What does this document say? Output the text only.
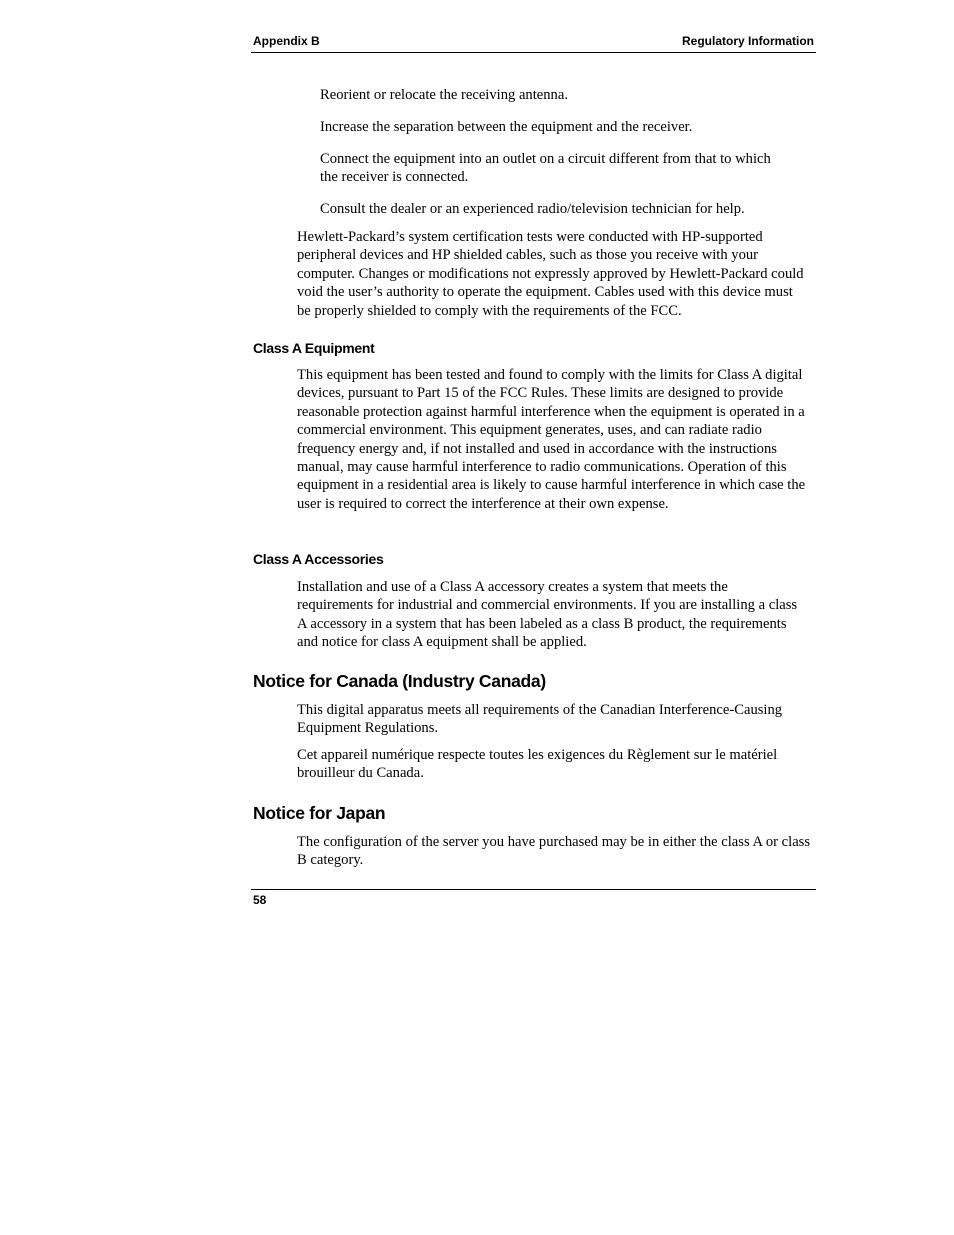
Appendix B	Regulatory Information

Reorient or relocate the receiving antenna.

Increase the separation between the equipment and the receiver.

Connect the equipment into an outlet on a circuit different from that to which the receiver is connected.

Consult the dealer or an experienced radio/television technician for help.

Hewlett-Packard’s system certification tests were conducted with HP-supported peripheral devices and HP shielded cables, such as those you receive with your computer. Changes or modifications not expressly approved by Hewlett-Packard could void the user’s authority to operate the equipment. Cables used with this device must be properly shielded to comply with the requirements of the FCC.

Class A Equipment

This equipment has been tested and found to comply with the limits for Class A digital devices, pursuant to Part 15 of the FCC Rules. These limits are designed to provide reasonable protection against harmful interference when the equipment is operated in a commercial environment. This equipment generates, uses, and can radiate radio frequency energy and, if not installed and used in accordance with the instructions manual, may cause harmful interference to radio communications. Operation of this equipment in a residential area is likely to cause harmful interference in which case the user is required to correct the interference at their own expense.

Class A Accessories

Installation and use of a Class A accessory creates a system that meets the requirements for industrial and commercial environments. If you are installing a class A accessory in a system that has been labeled as a class B product, the requirements and notice for class A equipment shall be applied.

Notice for Canada (Industry Canada)

This digital apparatus meets all requirements of the Canadian Interference-Causing Equipment Regulations.

Cet appareil numérique respecte toutes les exigences du Règlement sur le matériel brouilleur du Canada.

Notice for Japan

The configuration of the server you have purchased may be in either the class A or class B category.

58
